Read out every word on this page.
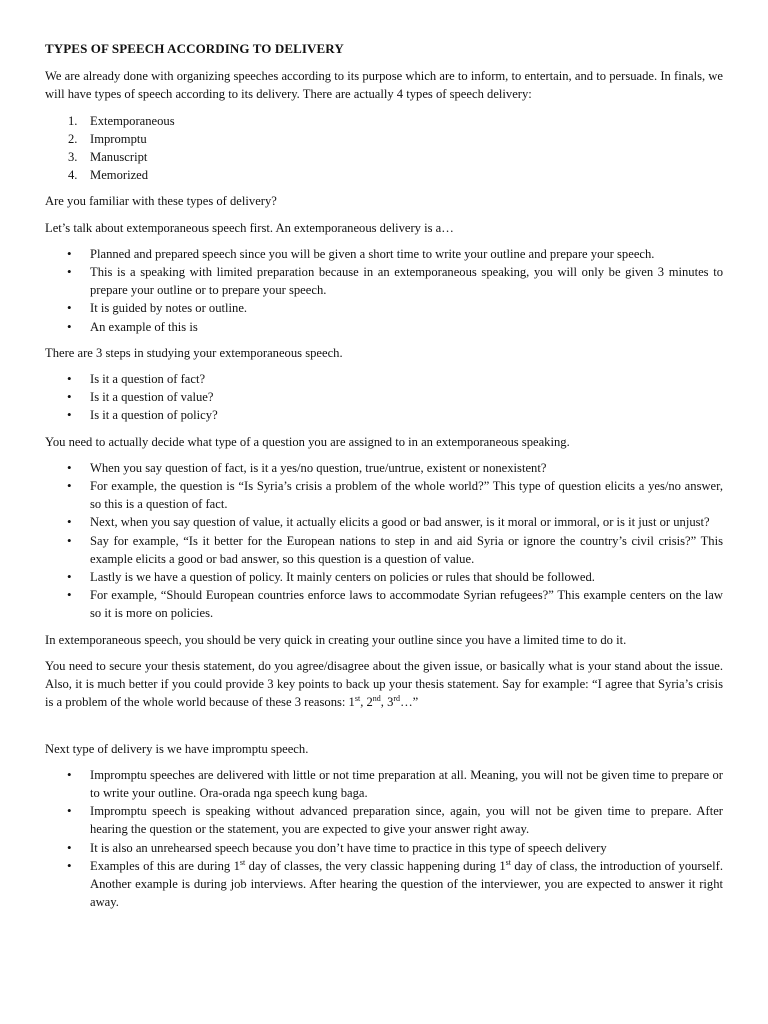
TYPES OF SPEECH ACCORDING TO DELIVERY

We are already done with organizing speeches according to its purpose which are to inform, to entertain, and to persuade. In finals, we will have types of speech according to its delivery. There are actually 4 types of speech delivery:

1. Extemporaneous
2. Impromptu
3. Manuscript
4. Memorized

Are you familiar with these types of delivery?

Let’s talk about extemporaneous speech first. An extemporaneous delivery is a…

• Planned and prepared speech since you will be given a short time to write your outline and prepare your speech.
• This is a speaking with limited preparation because in an extemporaneous speaking, you will only be given 3 minutes to prepare your outline or to prepare your speech.
• It is guided by notes or outline.
• An example of this is

There are 3 steps in studying your extemporaneous speech.

• Is it a question of fact?
• Is it a question of value?
• Is it a question of policy?

You need to actually decide what type of a question you are assigned to in an extemporaneous speaking.

• When you say question of fact, is it a yes/no question, true/untrue, existent or nonexistent?
• For example, the question is “Is Syria’s crisis a problem of the whole world?” This type of question elicits a yes/no answer, so this is a question of fact.
• Next, when you say question of value, it actually elicits a good or bad answer, is it moral or immoral, or is it just or unjust?
• Say for example, “Is it better for the European nations to step in and aid Syria or ignore the country’s civil crisis?” This example elicits a good or bad answer, so this question is a question of value.
• Lastly is we have a question of policy. It mainly centers on policies or rules that should be followed.
• For example, “Should European countries enforce laws to accommodate Syrian refugees?” This example centers on the law so it is more on policies.

In extemporaneous speech, you should be very quick in creating your outline since you have a limited time to do it.

You need to secure your thesis statement, do you agree/disagree about the given issue, or basically what is your stand about the issue. Also, it is much better if you could provide 3 key points to back up your thesis statement. Say for example: “I agree that Syria’s crisis is a problem of the whole world because of these 3 reasons: 1st, 2nd, 3rd…”

Next type of delivery is we have impromptu speech.

• Impromptu speeches are delivered with little or not time preparation at all. Meaning, you will not be given time to prepare or to write your outline. Ora-orada nga speech kung baga.
• Impromptu speech is speaking without advanced preparation since, again, you will not be given time to prepare. After hearing the question or the statement, you are expected to give your answer right away.
• It is also an unrehearsed speech because you don’t have time to practice in this type of speech delivery
• Examples of this are during 1st day of classes, the very classic happening during 1st day of class, the introduction of yourself. Another example is during job interviews. After hearing the question of the interviewer, you are expected to answer it right away.
